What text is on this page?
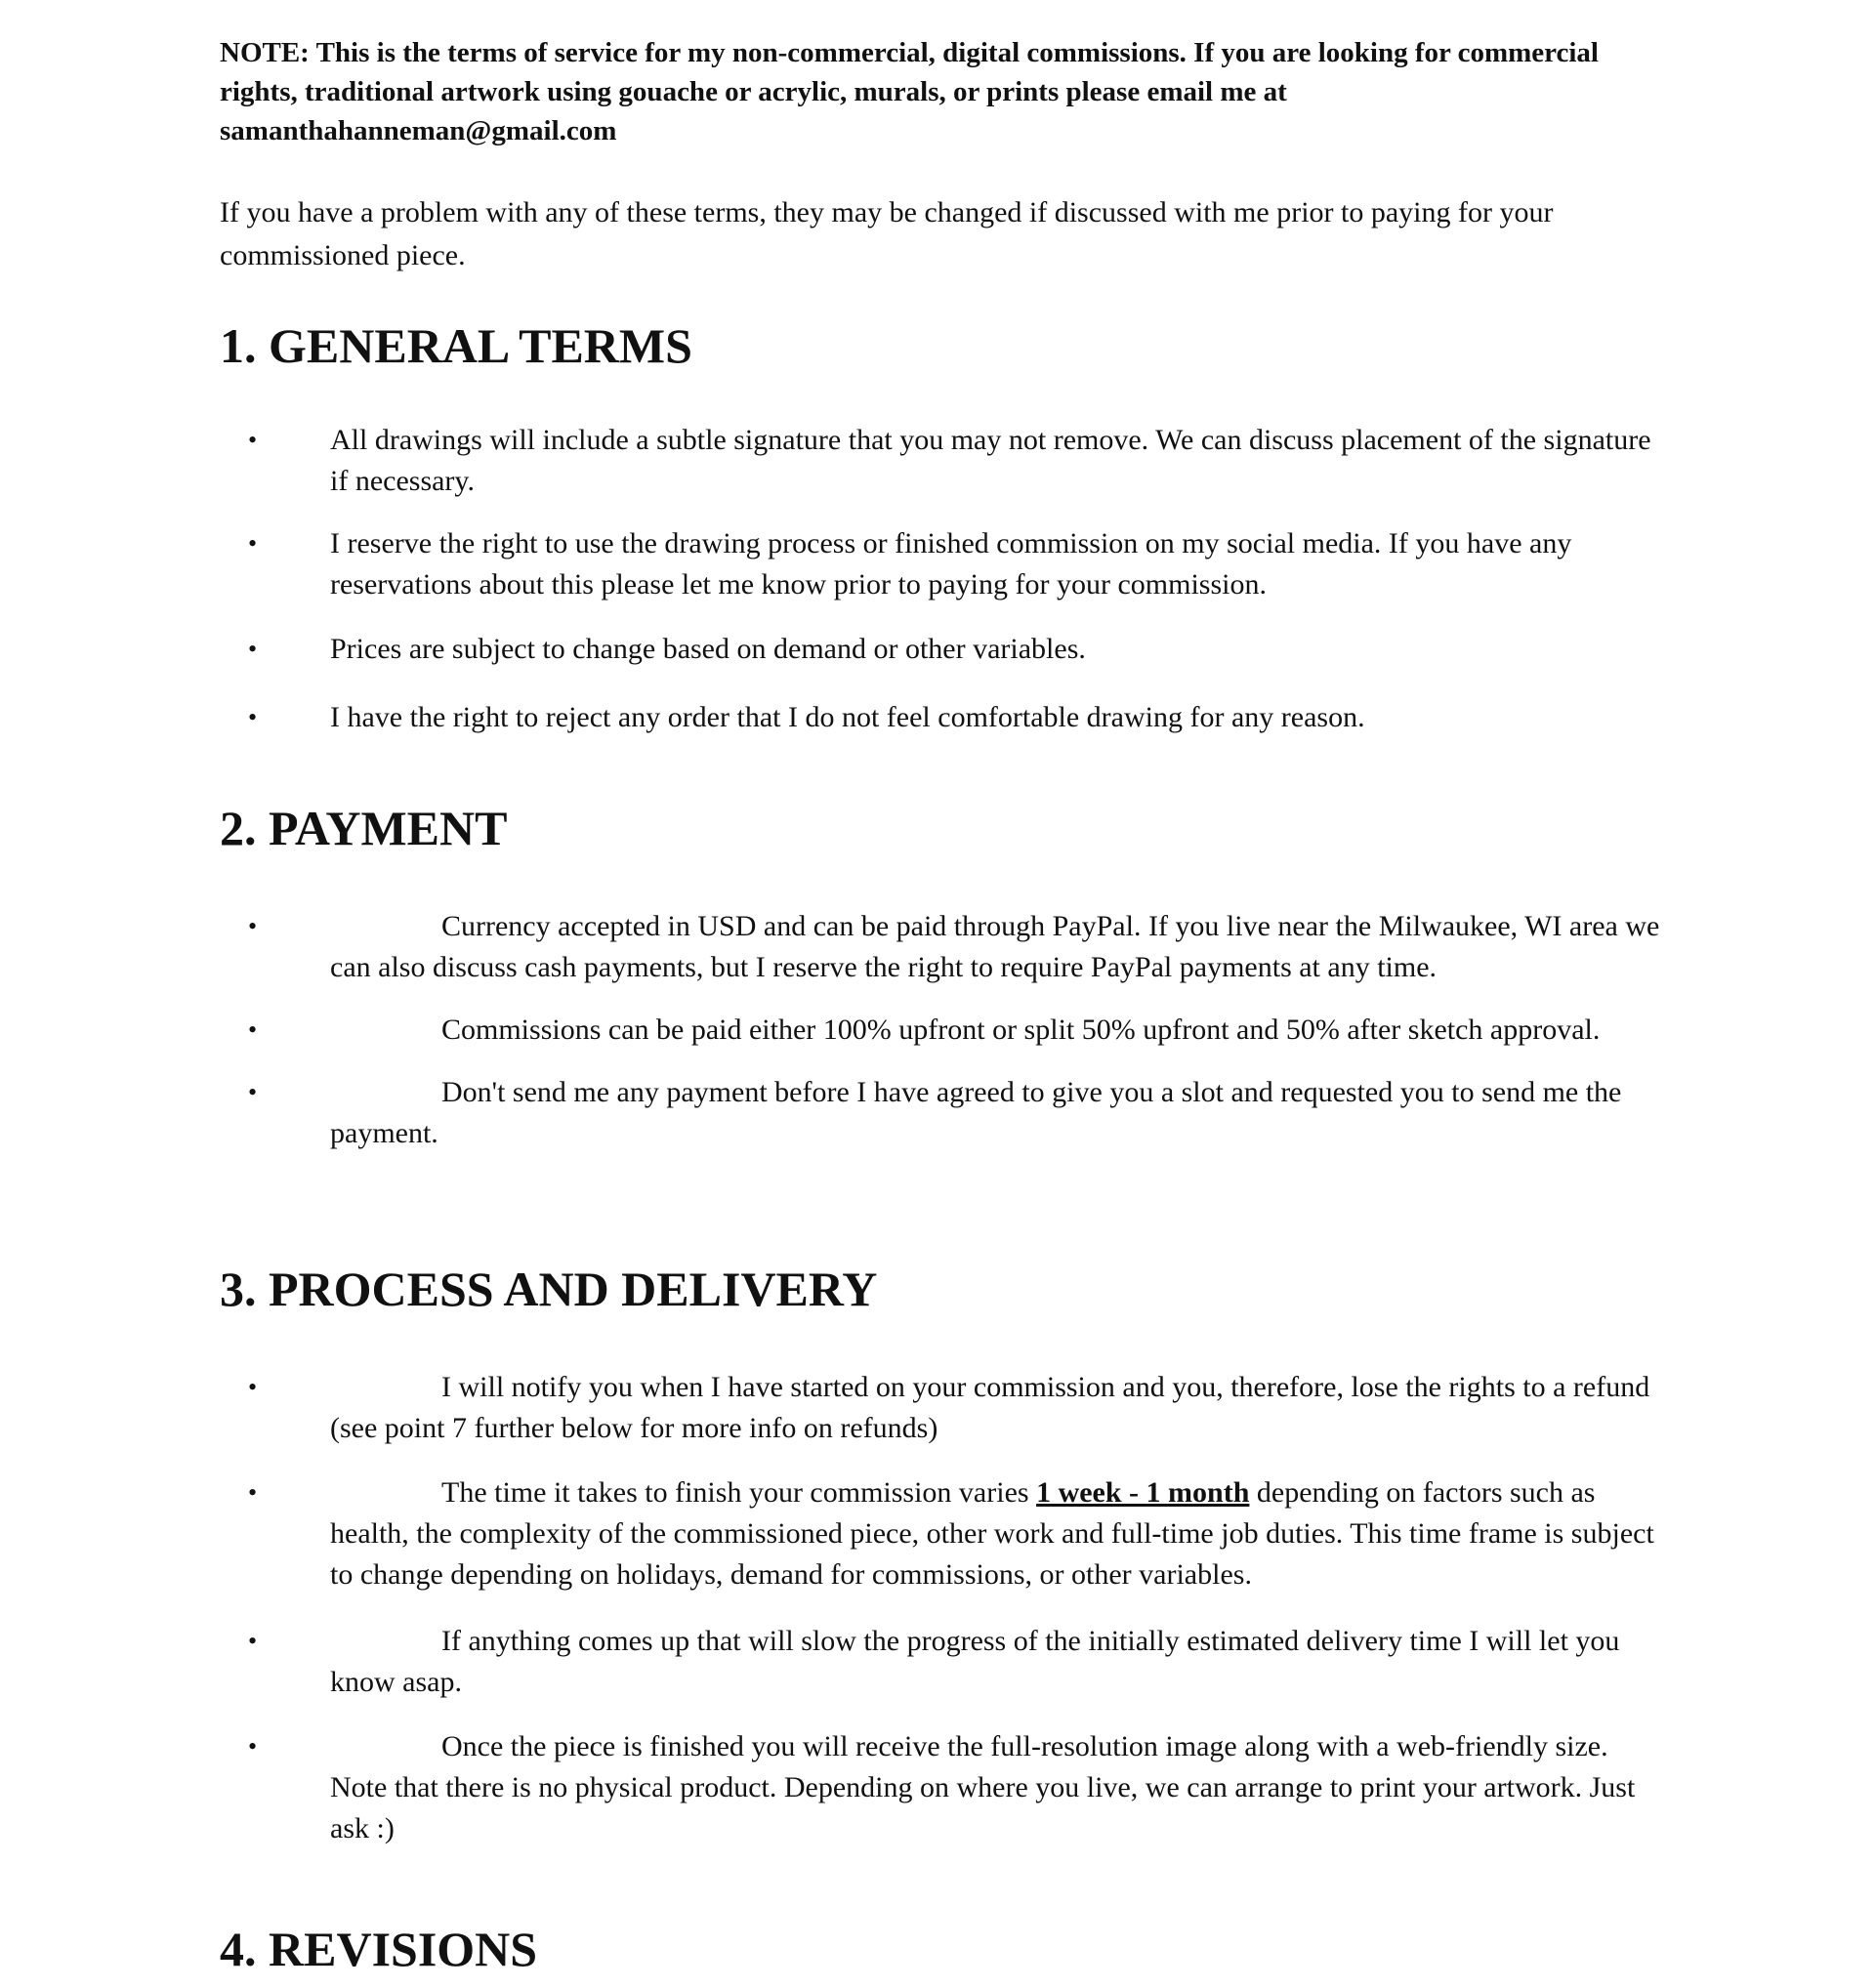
NOTE: This is the terms of service for my non-commercial, digital commissions. If you are looking for commercial rights, traditional artwork using gouache or acrylic, murals, or prints please email me at samanthahanneman@gmail.com
If you have a problem with any of these terms, they may be changed if discussed with me prior to paying for your commissioned piece.
1. GENERAL TERMS
• All drawings will include a subtle signature that you may not remove. We can discuss placement of the signature if necessary.
• I reserve the right to use the drawing process or finished commission on my social media. If you have any reservations about this please let me know prior to paying for your commission.
• Prices are subject to change based on demand or other variables.
• I have the right to reject any order that I do not feel comfortable drawing for any reason.
2. PAYMENT
•	Currency accepted in USD and can be paid through PayPal. If you live near the Milwaukee, WI area we can also discuss cash payments, but I reserve the right to require PayPal payments at any time.
•	Commissions can be paid either 100% upfront or split 50% upfront and 50% after sketch approval.
•	Don't send me any payment before I have agreed to give you a slot and requested you to send me the payment.
3. PROCESS AND DELIVERY
•	I will notify you when I have started on your commission and you, therefore, lose the rights to a refund (see point 7 further below for more info on refunds)
•	The time it takes to finish your commission varies 1 week - 1 month depending on factors such as health, the complexity of the commissioned piece, other work and full-time job duties. This time frame is subject to change depending on holidays, demand for commissions, or other variables.
•	If anything comes up that will slow the progress of the initially estimated delivery time I will let you know asap.
•	Once the piece is finished you will receive the full-resolution image along with a web-friendly size. Note that there is no physical product. Depending on where you live, we can arrange to print your artwork. Just ask :)
4. REVISIONS
